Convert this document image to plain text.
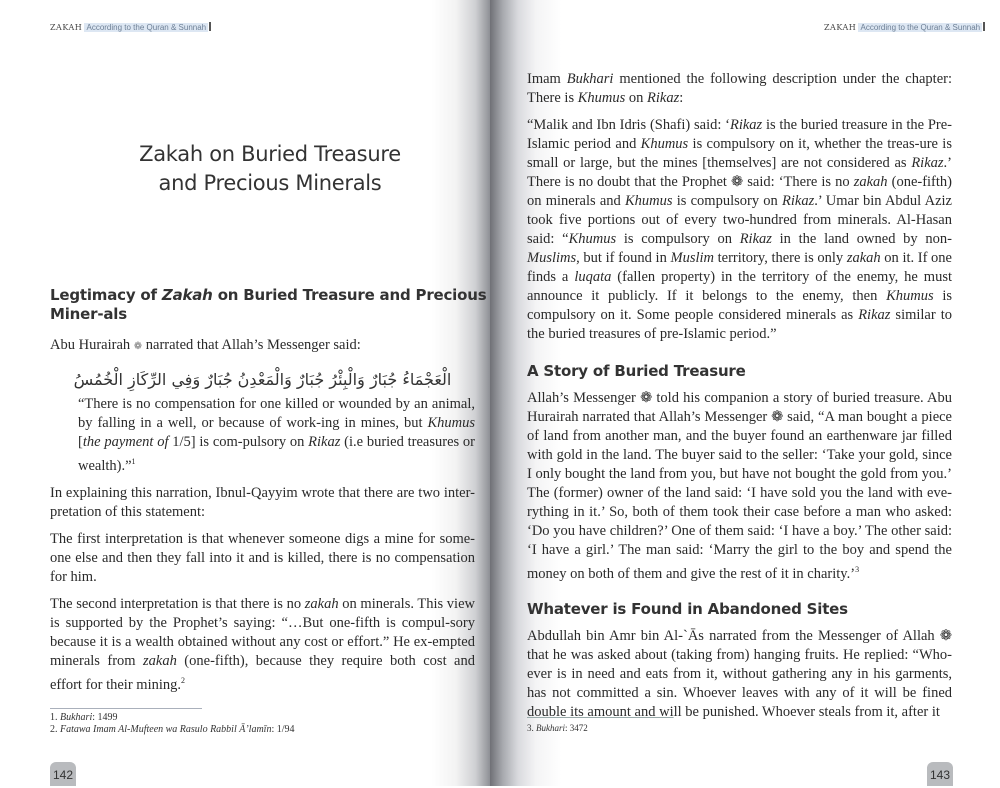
ZAKAH According to the Quran & Sunnah
Zakah on Buried Treasure
and Precious Minerals
Legtimacy of Zakah on Buried Treasure and Precious Miner-als

Abu Hurairah ❁ narrated that Allah’s Messenger said:

الْعَجْمَاءُ جُبَارٌ وَالْبِئْرُ جُبَارٌ وَالْمَعْدِنُ جُبَارٌ وَفِي الرِّكَازِ الْخُمُسُ

“There is no compensation for one killed or wounded by an animal, by falling in a well, or because of work-ing in mines, but Khumus [the payment of 1/5] is com-pulsory on Rikaz (i.e buried treasures or wealth).”$^1$

In explaining this narration, Ibnul-Qayyim wrote that there are two inter-pretation of this statement:

The first interpretation is that whenever someone digs a mine for some-one else and then they fall into it and is killed, there is no compensation for him.

The second interpretation is that there is no zakah on minerals. This view is supported by the Prophet’s saying: “…But one-fifth is compul-sory because it is a wealth obtained without any cost or effort.” He ex-empted minerals from zakah (one-fifth), because they require both cost and effort for their mining.$^2$

1. Bukhari: 1499
2. Fatawa Imam Al-Mufteen wa Rasulo Rabbil Ā’lamīn: 1/94
142
ZAKAH According to the Quran & Sunnah

Imam Bukhari mentioned the following description under the chapter: There is Khumus on Rikaz:

“Malik and Ibn Idris (Shafi) said: ‘Rikaz is the buried treasure in the Pre-Islamic period and Khumus is compulsory on it, whether the treas-ure is small or large, but the mines [themselves] are not considered as Rikaz.’ There is no doubt that the Prophet ❁ said: ‘There is no zakah (one-fifth) on minerals and Khumus is compulsory on Rikaz.’ Umar bin Abdul Aziz took five portions out of every two-hundred from minerals. Al-Hasan said: “Khumus is compulsory on Rikaz in the land owned by non-Muslims, but if found in Muslim territory, there is only zakah on it. If one finds a luqata (fallen property) in the territory of the enemy, he must announce it publicly. If it belongs to the enemy, then Khumus is compulsory on it. Some people considered minerals as Rikaz similar to the buried treasures of pre-Islamic period.”

A Story of Buried Treasure

Allah’s Messenger ❁ told his companion a story of buried treasure. Abu Hurairah narrated that Allah’s Messenger ❁ said, “A man bought a piece of land from another man, and the buyer found an earthenware jar filled with gold in the land. The buyer said to the seller: ‘Take your gold, since I only bought the land from you, but have not bought the gold from you.’ The (former) owner of the land said: ‘I have sold you the land with eve-rything in it.’ So, both of them took their case before a man who asked: ‘Do you have children?’ One of them said: ‘I have a boy.’ The other said: ‘I have a girl.’ The man said: ‘Marry the girl to the boy and spend the money on both of them and give the rest of it in charity.’$^3$

Whatever is Found in Abandoned Sites

Abdullah bin Amr bin Al-`Ās narrated from the Messenger of Allah ❁ that he was asked about (taking from) hanging fruits. He replied: “Who-ever is in need and eats from it, without gathering any in his garments, has not committed a sin. Whoever leaves with any of it will be fined double its amount and will be punished. Whoever steals from it, after it

3. Bukhari: 3472
143
